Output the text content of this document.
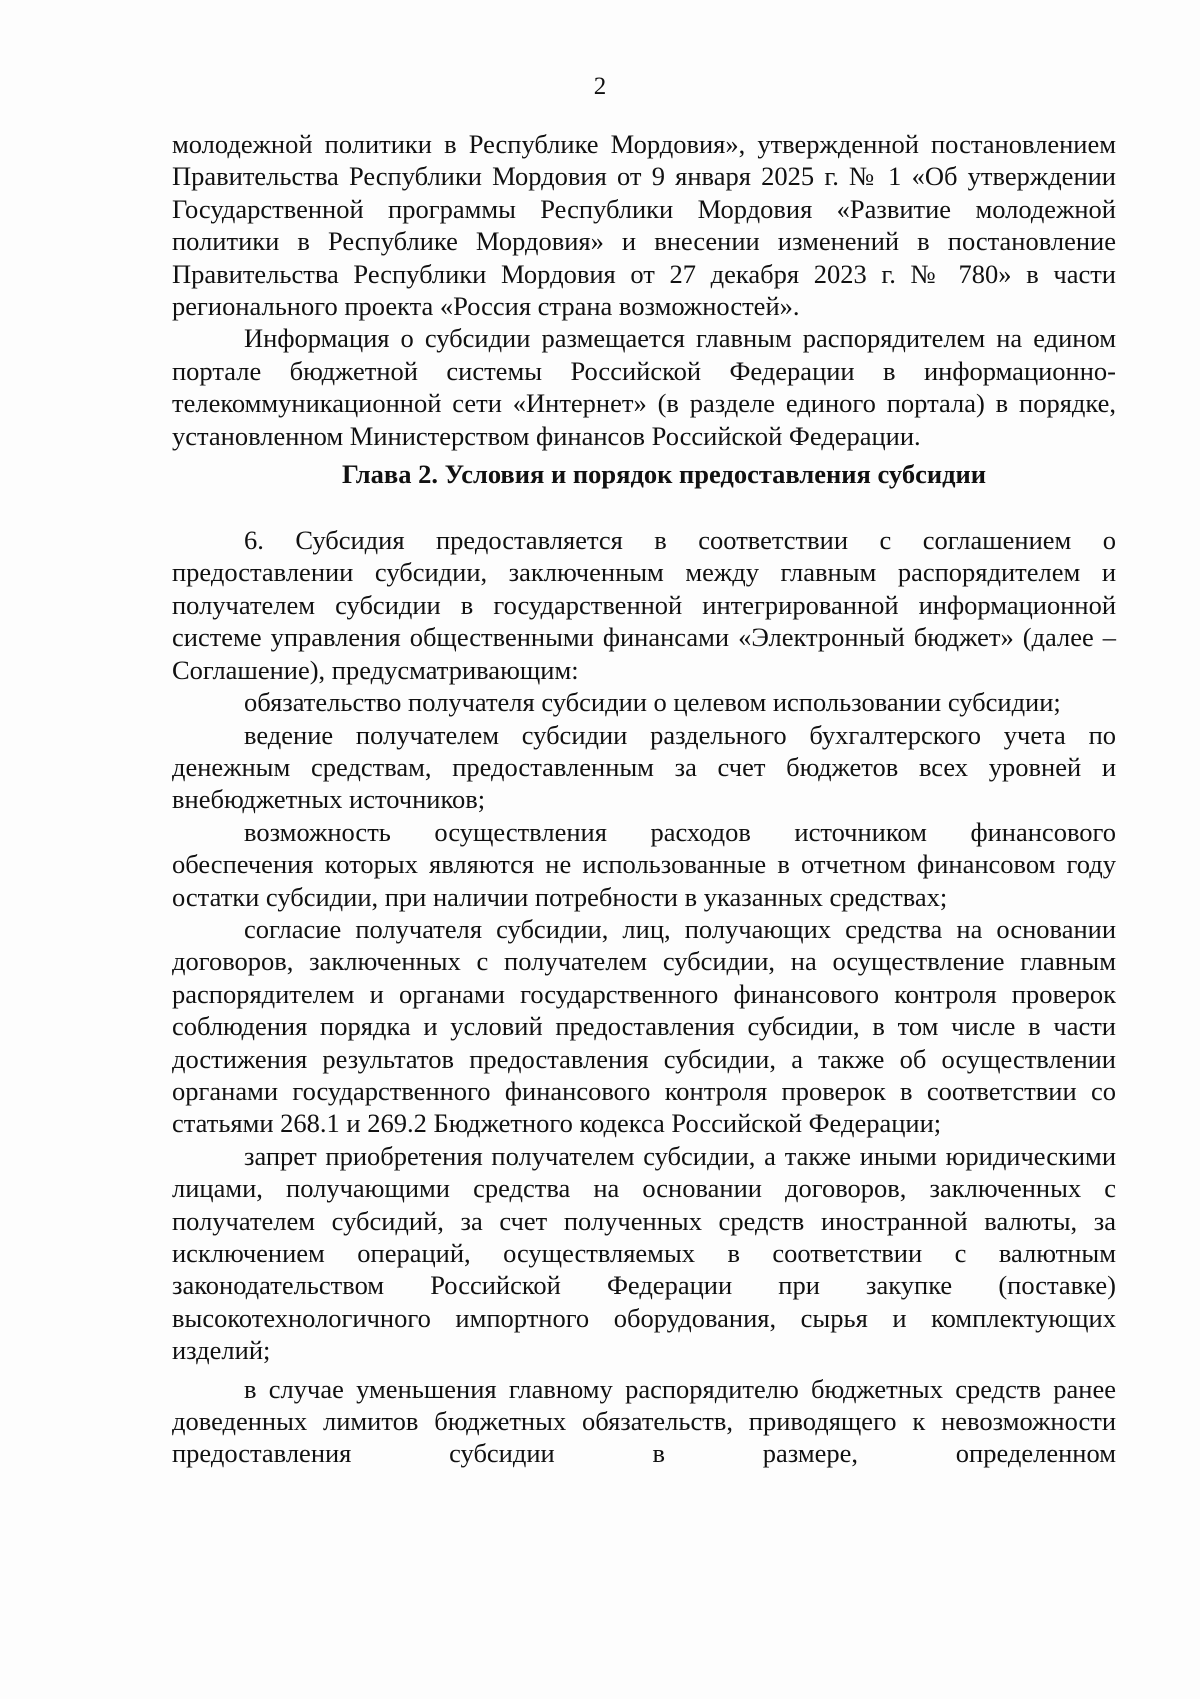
2

молодежной политики в Республике Мордовия», утвержденной постановлением Правительства Республики Мордовия от 9 января 2025 г. № 1 «Об утверждении Государственной программы Республики Мордовия «Развитие молодежной политики в Республике Мордовия» и внесении изменений в постановление Правительства Республики Мордовия от 27 декабря 2023 г. № 780» в части регионального проекта «Россия страна возможностей».

Информация о субсидии размещается главным распорядителем на едином портале бюджетной системы Российской Федерации в информационно-телекоммуникационной сети «Интернет» (в разделе единого портала) в порядке, установленном Министерством финансов Российской Федерации.

Глава 2. Условия и порядок предоставления субсидии

6. Субсидия предоставляется в соответствии с соглашением о предоставлении субсидии, заключенным между главным распорядителем и получателем субсидии в государственной интегрированной информационной системе управления общественными финансами «Электронный бюджет» (далее – Соглашение), предусматривающим:

обязательство получателя субсидии о целевом использовании субсидии;

ведение получателем субсидии раздельного бухгалтерского учета по денежным средствам, предоставленным за счет бюджетов всех уровней и внебюджетных источников;

возможность осуществления расходов источником финансового обеспечения которых являются не использованные в отчетном финансовом году остатки субсидии, при наличии потребности в указанных средствах;

согласие получателя субсидии, лиц, получающих средства на основании договоров, заключенных с получателем субсидии, на осуществление главным распорядителем и органами государственного финансового контроля проверок соблюдения порядка и условий предоставления субсидии, в том числе в части достижения результатов предоставления субсидии, а также об осуществлении органами государственного финансового контроля проверок в соответствии со статьями 268.1 и 269.2 Бюджетного кодекса Российской Федерации;

запрет приобретения получателем субсидии, а также иными юридическими лицами, получающими средства на основании договоров, заключенных с получателем субсидий, за счет полученных средств иностранной валюты, за исключением операций, осуществляемых в соответствии с валютным законодательством Российской Федерации при закупке (поставке) высокотехнологичного импортного оборудования, сырья и комплектующих изделий;

в случае уменьшения главному распорядителю бюджетных средств ранее доведенных лимитов бюджетных обязательств, приводящего к невозможности предоставления субсидии в размере, определенном
